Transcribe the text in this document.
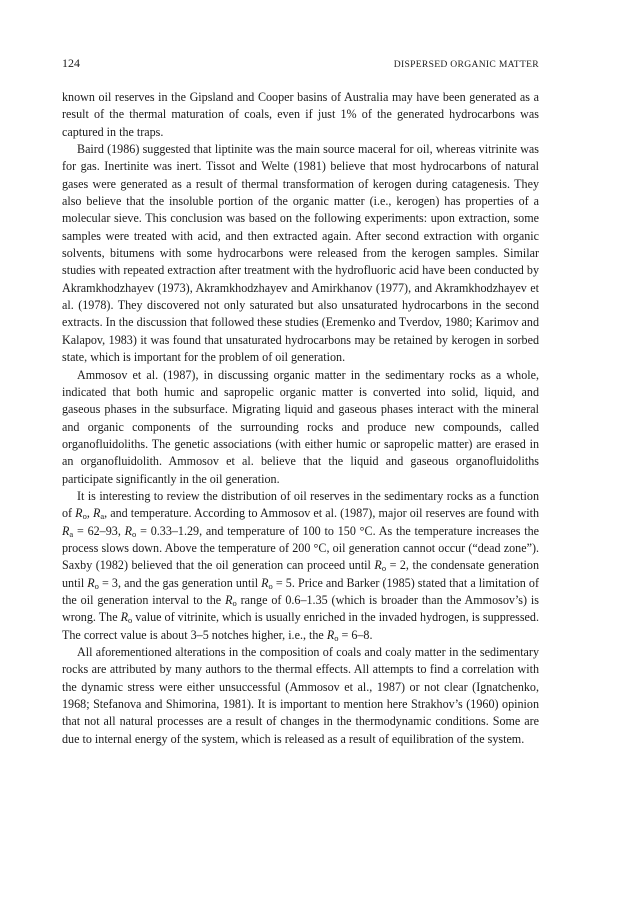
124	DISPERSED ORGANIC MATTER

known oil reserves in the Gipsland and Cooper basins of Australia may have been generated as a result of the thermal maturation of coals, even if just 1% of the generated hydrocarbons was captured in the traps.

Baird (1986) suggested that liptinite was the main source maceral for oil, whereas vitrinite was for gas. Inertinite was inert. Tissot and Welte (1981) believe that most hydrocarbons of natural gases were generated as a result of thermal transformation of kerogen during catagenesis. They also believe that the insoluble portion of the organic matter (i.e., kerogen) has properties of a molecular sieve. This conclusion was based on the following experiments: upon extraction, some samples were treated with acid, and then extracted again. After second extraction with organic solvents, bitumens with some hydrocarbons were released from the kerogen samples. Similar studies with repeated extraction after treatment with the hydrofluoric acid have been conducted by Akramkhodzhayev (1973), Akramkhodzhayev and Amirkhanov (1977), and Akramkhodzhayev et al. (1978). They discovered not only saturated but also unsaturated hydrocarbons in the second extracts. In the discussion that followed these studies (Eremenko and Tverdov, 1980; Karimov and Kalapov, 1983) it was found that unsaturated hydrocarbons may be retained by kerogen in sorbed state, which is important for the problem of oil generation.

Ammosov et al. (1987), in discussing organic matter in the sedimentary rocks as a whole, indicated that both humic and sapropelic organic matter is converted into solid, liquid, and gaseous phases in the subsurface. Migrating liquid and gaseous phases interact with the mineral and organic components of the surrounding rocks and produce new compounds, called organofluidoliths. The genetic associations (with either humic or sapropelic matter) are erased in an organofluidolith. Ammosov et al. believe that the liquid and gaseous organofluidoliths participate significantly in the oil generation.

It is interesting to review the distribution of oil reserves in the sedimentary rocks as a function of $R_o$, $R_a$, and temperature. According to Ammosov et al. (1987), major oil reserves are found with $R_a = 62-93$, $R_o = 0.33-1.29$, and temperature of 100 to 150 °C. As the temperature increases the process slows down. Above the temperature of 200 °C, oil generation cannot occur (“dead zone”). Saxby (1982) believed that the oil generation can proceed until $R_o = 2$, the condensate generation until $R_o = 3$, and the gas generation until $R_o = 5$. Price and Barker (1985) stated that a limitation of the oil generation interval to the $R_o$ range of 0.6–1.35 (which is broader than the Ammosov’s) is wrong. The $R_o$ value of vitrinite, which is usually enriched in the invaded hydrogen, is suppressed. The correct value is about 3–5 notches higher, i.e., the $R_o = 6-8$.

All aforementioned alterations in the composition of coals and coaly matter in the sedimentary rocks are attributed by many authors to the thermal effects. All attempts to find a correlation with the dynamic stress were either unsuccessful (Ammosov et al., 1987) or not clear (Ignatchenko, 1968; Stefanova and Shimorina, 1981). It is important to mention here Strakhov’s (1960) opinion that not all natural processes are a result of changes in the thermodynamic conditions. Some are due to internal energy of the system, which is released as a result of equilibration of the system.
